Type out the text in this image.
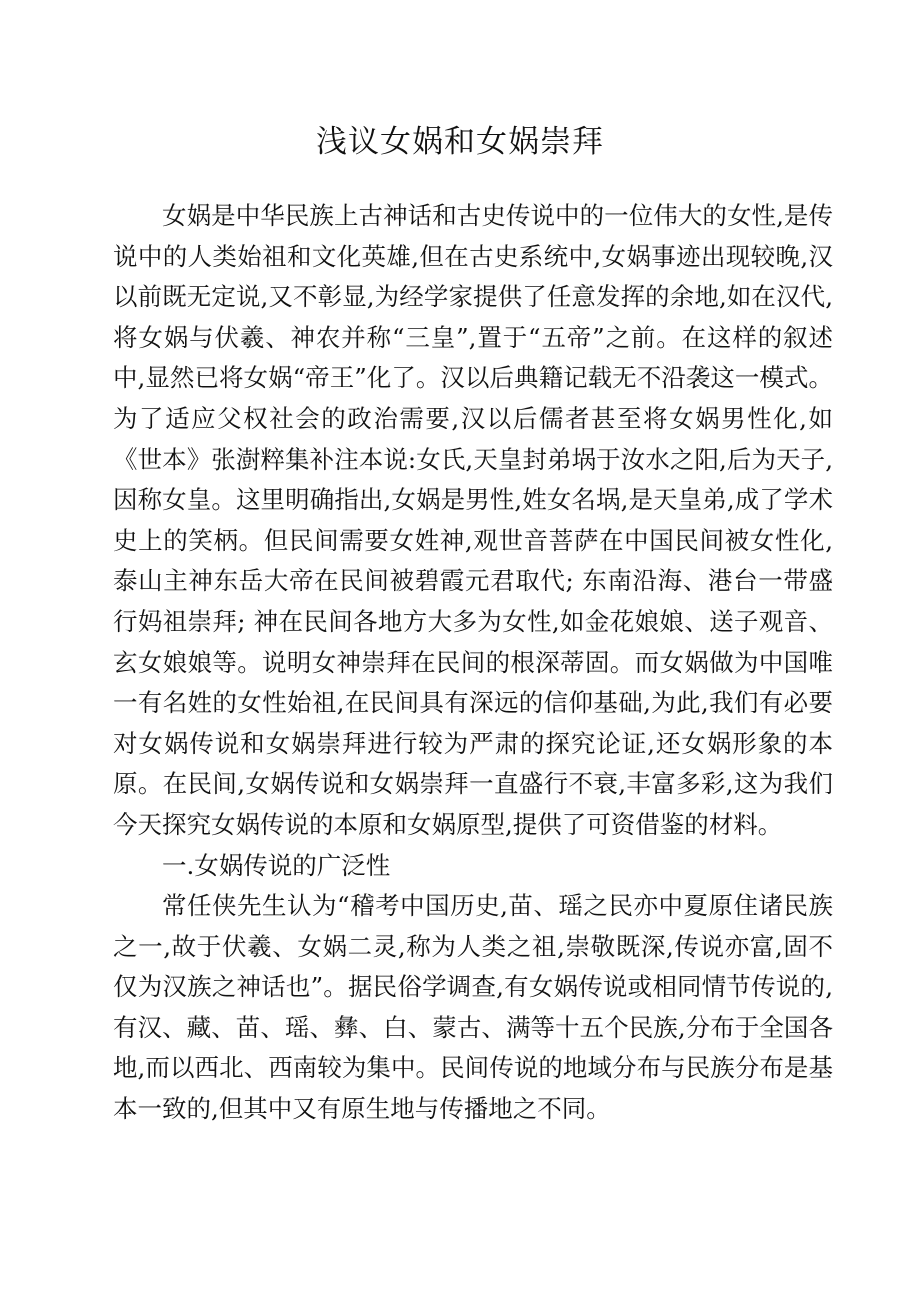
浅议女娲和女娲崇拜

女娲是中华民族上古神话和古史传说中的一位伟大的女性,是传说中的人类始祖和文化英雄,但在古史系统中,女娲事迹出现较晚,汉以前既无定说,又不彰显,为经学家提供了任意发挥的余地,如在汉代,将女娲与伏羲、神农并称“三皇”,置于“五帝”之前。在这样的叙述中,显然已将女娲“帝王”化了。汉以后典籍记载无不沿袭这一模式。为了适应父权社会的政治需要,汉以后儒者甚至将女娲男性化,如《世本》张澍粹集补注本说:女氏,天皇封弟埚于汝水之阳,后为天子,因称女皇。这里明确指出,女娲是男性,姓女名埚,是天皇弟,成了学术史上的笑柄。但民间需要女姓神,观世音菩萨在中国民间被女性化,泰山主神东岳大帝在民间被碧霞元君取代; 东南沿海、港台一带盛行妈祖崇拜; 神在民间各地方大多为女性,如金花娘娘、送子观音、玄女娘娘等。说明女神崇拜在民间的根深蒂固。而女娲做为中国唯一有名姓的女性始祖,在民间具有深远的信仰基础,为此,我们有必要对女娲传说和女娲崇拜进行较为严肃的探究论证,还女娲形象的本原。在民间,女娲传说和女娲崇拜一直盛行不衰,丰富多彩,这为我们今天探究女娲传说的本原和女娲原型,提供了可资借鉴的材料。

一.女娲传说的广泛性

常任侠先生认为“稽考中国历史,苗、瑶之民亦中夏原住诸民族之一,故于伏羲、女娲二灵,称为人类之祖,崇敬既深,传说亦富,固不仅为汉族之神话也”。据民俗学调查,有女娲传说或相同情节传说的,有汉、藏、苗、瑶、彝、白、蒙古、满等十五个民族,分布于全国各地,而以西北、西南较为集中。民间传说的地域分布与民族分布是基本一致的,但其中又有原生地与传播地之不同。
